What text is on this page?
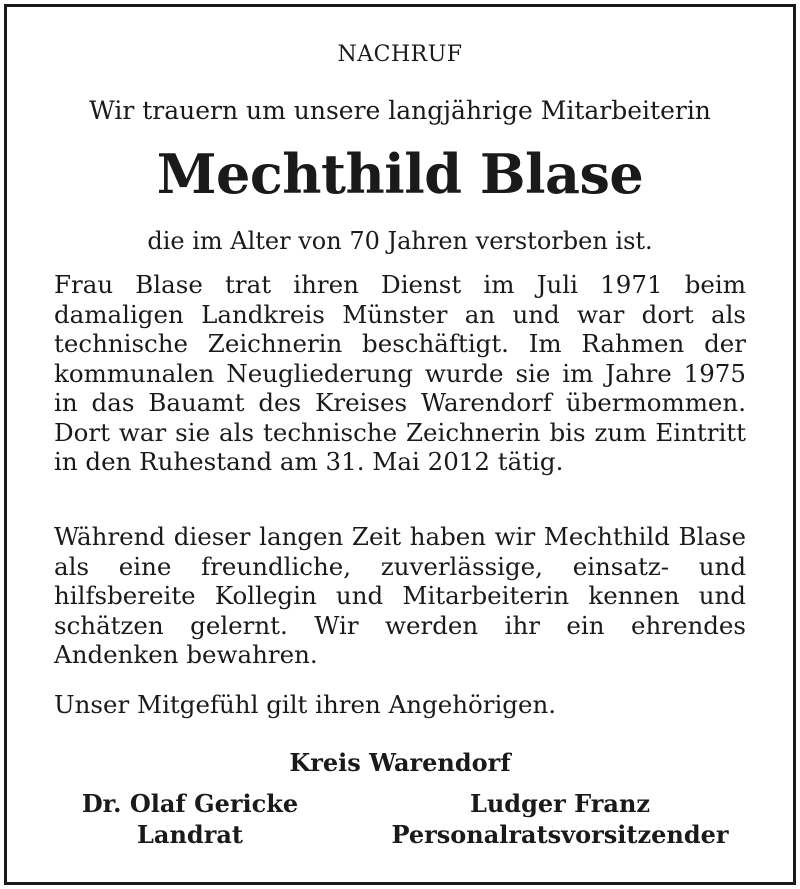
NACHRUF
Wir trauern um unsere langjährige Mitarbeiterin
Mechthild Blase
die im Alter von 70 Jahren verstorben ist.
Frau Blase trat ihren Dienst im Juli 1971 beim damaligen Landkreis Münster an und war dort als technische Zeichnerin beschäftigt. Im Rahmen der kommunalen Neugliederung wurde sie im Jahre 1975 in das Bauamt des Kreises Warendorf übermommen. Dort war sie als technische Zeichnerin bis zum Eintritt in den Ruhestand am 31. Mai 2012 tätig.
Während dieser langen Zeit haben wir Mechthild Blase als eine freundliche, zuverlässige, einsatz- und hilfsbereite Kollegin und Mitarbeiterin kennen und schätzen gelernt. Wir werden ihr ein ehrendes Andenken bewahren.
Unser Mitgefühl gilt ihren Angehörigen.
Kreis Warendorf
Dr. Olaf Gericke
Landrat
Ludger Franz
Personalratsvorsitzender
